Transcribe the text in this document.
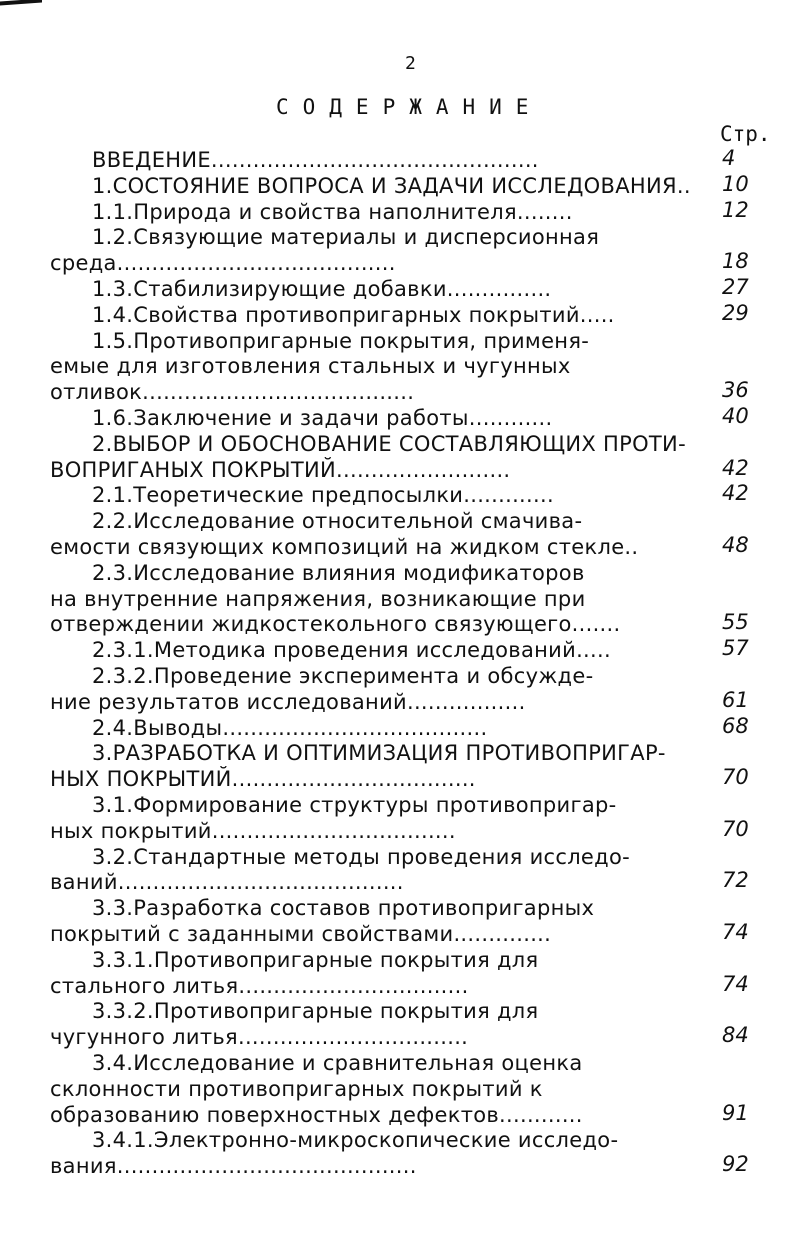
2
СОДЕРЖАНИЕ
Стр.
ВВЕДЕНИЕ...............................................	4
1.СОСТОЯНИЕ ВОПРОСА И ЗАДАЧИ ИССЛЕДОВАНИЯ.. 10
1.1.Природа и свойства наполнителя........	12
1.2.Связующие материалы и дисперсионная
среда........................................	18
1.3.Стабилизирующие добавки...............	27
1.4.Свойства противопригарных покрытий.....	29
1.5.Противопригарные покрытия, применя-
емые для изготовления стальных и чугунных
отливок.......................................	36
1.6.Заключение и задачи работы............	40
2.ВЫБОР И ОБОСНОВАНИЕ СОСТАВЛЯЮЩИХ ПРОТИ-
ВОПРИГАНЫХ ПОКРЫТИЙ.........................	42
2.1.Теоретические предпосылки.............	42
2.2.Исследование относительной смачива-
емости связующих композиций на жидком стекле..	48
2.3.Исследование влияния модификаторов
на внутренние напряжения, возникающие при
отверждении жидкостекольного связующего.......	55
2.3.1.Методика проведения исследований.....	57
2.3.2.Проведение эксперимента и обсужде-
ние результатов исследований.................	61
2.4.Выводы......................................	68
3.РАЗРАБОТКА И ОПТИМИЗАЦИЯ ПРОТИВОПРИГАР-
НЫХ ПОКРЫТИЙ...................................	70
3.1.Формирование структуры противопригар-
ных покрытий...................................	70
3.2.Стандартные методы проведения исследо-
ваний.........................................	72
3.3.Разработка составов противопригарных
покрытий с заданными свойствами..............	74
3.3.1.Противопригарные покрытия для
стального литья.................................	74
3.3.2.Противопригарные покрытия для
чугунного литья.................................	84
3.4.Исследование и сравнительная оценка
склонности противопригарных покрытий к
образованию поверхностных дефектов............	91
3.4.1.Электронно-микроскопические исследо-
вания...........................................	92
